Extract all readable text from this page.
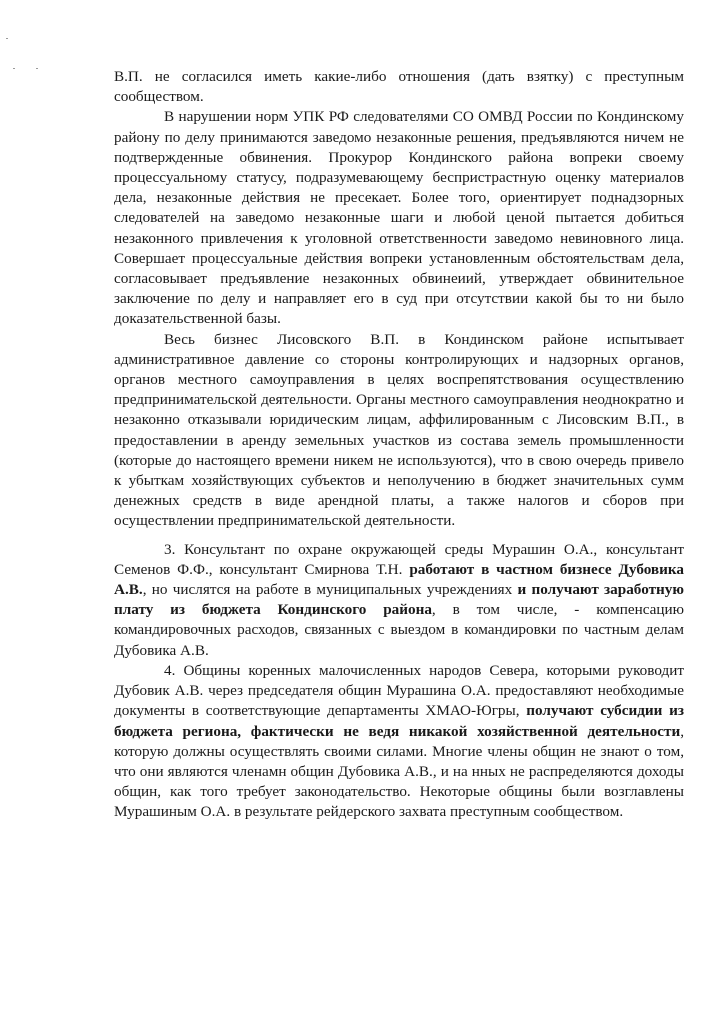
В.П. не согласился иметь какие-либо отношения (дать взятку) с преступным сообществом.

В нарушении норм УПК РФ следователями СО ОМВД России по Кондинскому району по делу принимаются заведомо незаконные решения, предъявляются ничем не подтвержденные обвинения. Прокурор Кондинского района вопреки своему процессуальному статусу, подразумевающему беспристрастную оценку материалов дела, незаконные действия не пресекает. Более того, ориентирует поднадзорных следователей на заведомо незаконные шаги и любой ценой пытается добиться незаконного привлечения к уголовной ответственности заведомо невиновного лица. Совершает процессуальные действия вопреки установленным обстоятельствам дела, согласовывает предъявление незаконных обвинеиий, утверждает обвинительное заключение по делу и направляет его в суд при отсутствии какой бы то ни было доказательственной базы.

Весь бизнес Лисовского В.П. в Кондинском районе испытывает административное давление со стороны контролирующих и надзорных органов, органов местного самоуправления в целях воспрепятствования осуществлению предпринимательской деятельности. Органы местного самоуправления неоднократно и незаконно отказывали юридическим лицам, аффилированным с Лисовским В.П., в предоставлении в аренду земельных участков из состава земель промышленности (которые до настоящего времени никем не используются), что в свою очередь привело к убыткам хозяйствующих субъектов и неполучению в бюджет значительных сумм денежных средств в виде арендной платы, а также налогов и сборов при осуществлении предпринимательской деятельности.

3. Консультант по охране окружающей среды Мурашин О.А., консультант Семенов Ф.Ф., консультант Смирнова Т.Н. работают в частном бизнесе Дубовика А.В., но числятся на работе в муниципальных учреждениях и получают заработную плату из бюджета Кондинского района, в том числе, - компенсацию командировочных расходов, связанных с выездом в командировки по частным делам Дубовика А.В.

4. Общины коренных малочисленных народов Севера, которыми руководит Дубовик А.В. через председателя общин Мурашина О.А. предоставляют необходимые документы в соответствующие департаменты ХМАО-Югры, получают субсидии из бюджета региона, фактически не ведя никакой хозяйственной деятельности, которую должны осуществлять своими силами. Многие члены общин не знают о том, что они являются членамн общин Дубовика А.В., и на нных не распределяются доходы общин, как того требует законодательство. Некоторые общины были возглавлены Мурашиным О.А. в результате рейдерского захвата преступным сообществом.
